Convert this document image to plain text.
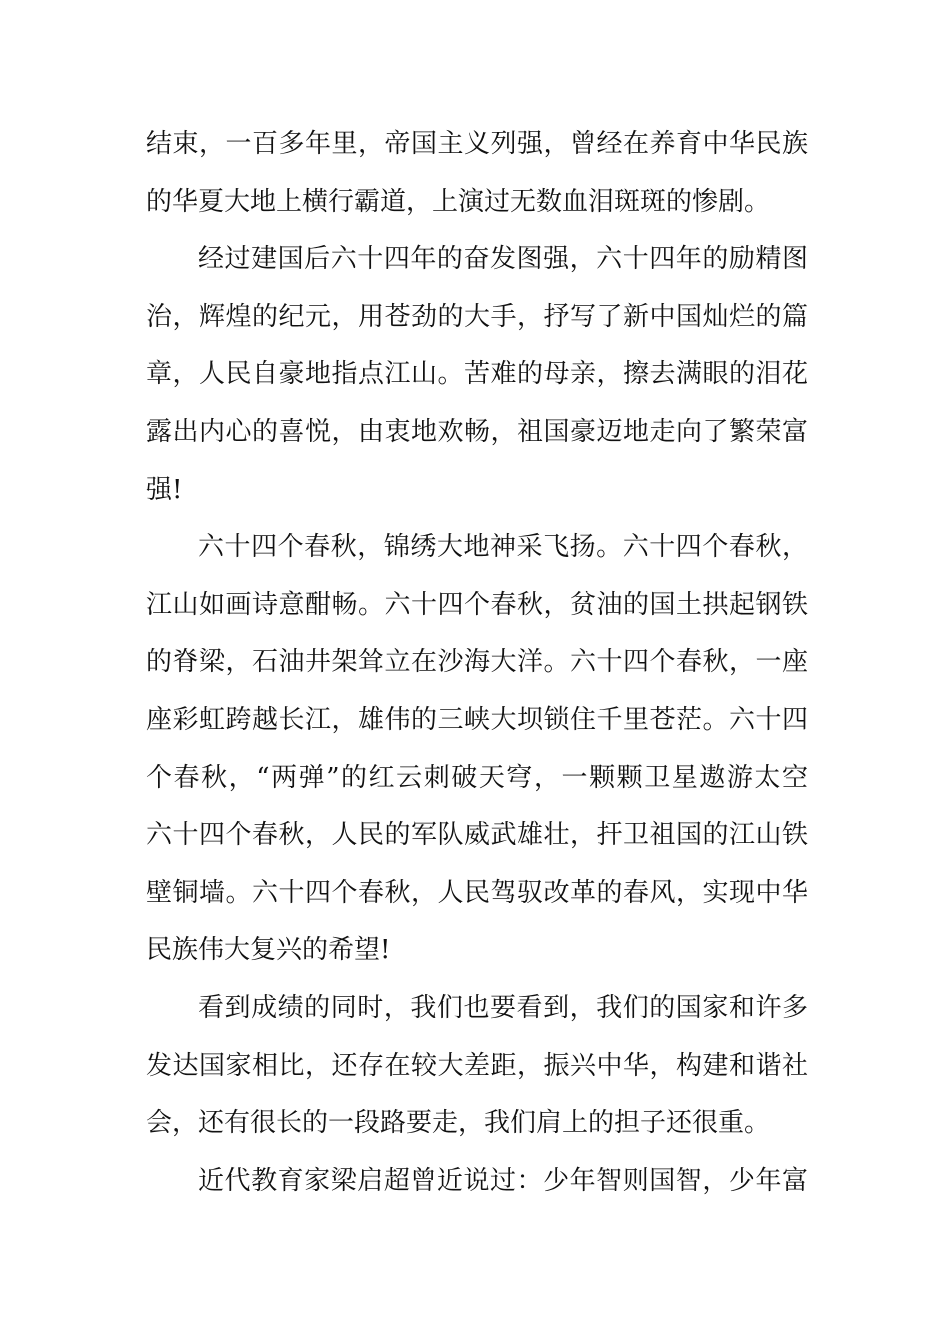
结束，一百多年里，帝国主义列强，曾经在养育中华民族
的华夏大地上横行霸道，上演过无数血泪斑斑的惨剧。
经过建国后六十四年的奋发图强，六十四年的励精图
治，辉煌的纪元，用苍劲的大手，抒写了新中国灿烂的篇
章，人民自豪地指点江山。苦难的母亲，擦去满眼的泪花
露出内心的喜悦，由衷地欢畅，祖国豪迈地走向了繁荣富
强!
六十四个春秋，锦绣大地神采飞扬。六十四个春秋，
江山如画诗意酣畅。六十四个春秋，贫油的国土拱起钢铁
的脊梁，石油井架耸立在沙海大洋。六十四个春秋，一座
座彩虹跨越长江，雄伟的三峡大坝锁住千里苍茫。六十四
个春秋，“两弹”的红云刺破天穹，一颗颗卫星遨游太空
六十四个春秋，人民的军队威武雄壮，扞卫祖国的江山铁
壁铜墙。六十四个春秋，人民驾驭改革的春风，实现中华
民族伟大复兴的希望!
看到成绩的同时，我们也要看到，我们的国家和许多
发达国家相比，还存在较大差距，振兴中华，构建和谐社
会，还有很长的一段路要走，我们肩上的担子还很重。
近代教育家梁启超曾近说过：少年智则国智，少年富
